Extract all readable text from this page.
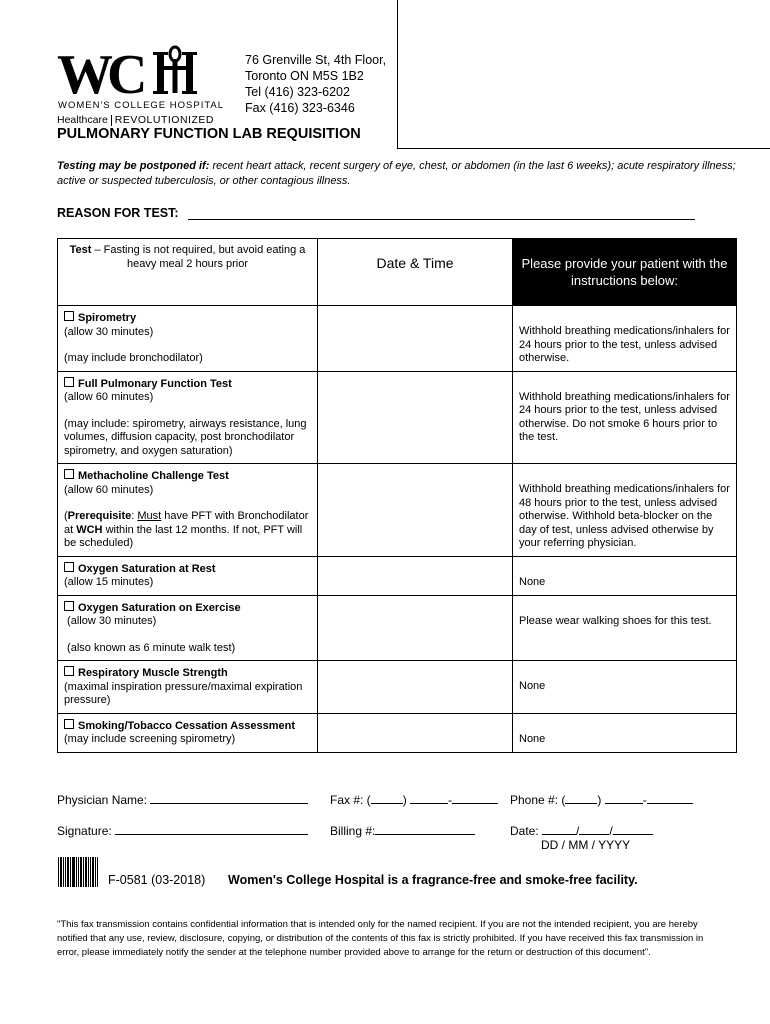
WC
WOMEN'S COLLEGE HOSPITAL
Healthcare REVOLUTIONIZED
76 Grenville St, 4th Floor,
Toronto ON M5S 1B2
Tel (416) 323-6202
Fax (416) 323-6346
PULMONARY FUNCTION LAB REQUISITION
Testing may be postponed if: recent heart attack, recent surgery of eye, chest, or abdomen (in the last 6 weeks); acute respiratory illness; active or suspected tuberculosis, or other contagious illness.
REASON FOR TEST:
Test – Fasting is not required, but avoid eating a heavy meal 2 hours prior	Date & Time	Please provide your patient with the instructions below:

Spirometry
(allow 30 minutes)
(may include bronchodilator)		Withhold breathing medications/inhalers for 24 hours prior to the test, unless advised otherwise.

Full Pulmonary Function Test
(allow 60 minutes)
(may include: spirometry, airways resistance, lung volumes, diffusion capacity, post bronchodilator spirometry, and oxygen saturation)		Withhold breathing medications/inhalers for 24 hours prior to the test, unless advised otherwise. Do not smoke 6 hours prior to the test.

Methacholine Challenge Test
(allow 60 minutes)
(Prerequisite: Must have PFT with Bronchodilator at WCH within the last 12 months. If not, PFT will be scheduled)		Withhold breathing medications/inhalers for 48 hours prior to the test, unless advised otherwise. Withhold beta-blocker on the day of test, unless advised otherwise by your referring physician.

Oxygen Saturation at Rest
(allow 15 minutes)		None

Oxygen Saturation on Exercise
(allow 30 minutes)
(also known as 6 minute walk test)		Please wear walking shoes for this test.

Respiratory Muscle Strength
(maximal inspiration pressure/maximal expiration pressure)		None

Smoking/Tobacco Cessation Assessment
(may include screening spirometry)		None
Physician Name:	Fax #: (	)	-	Phone #: (	)	-
Signature:	Billing #:	Date:	/	/
DD / MM / YYYY
F-0581 (03-2018) Women's College Hospital is a fragrance-free and smoke-free facility.
"This fax transmission contains confidential information that is intended only for the named recipient. If you are not the intended recipient, you are hereby notified that any use, review, disclosure, copying, or distribution of the contents of this fax is strictly prohibited. If you have received this fax transmission in error, please immediately notify the sender at the telephone number provided above to arrange for the return or destruction of this document".
